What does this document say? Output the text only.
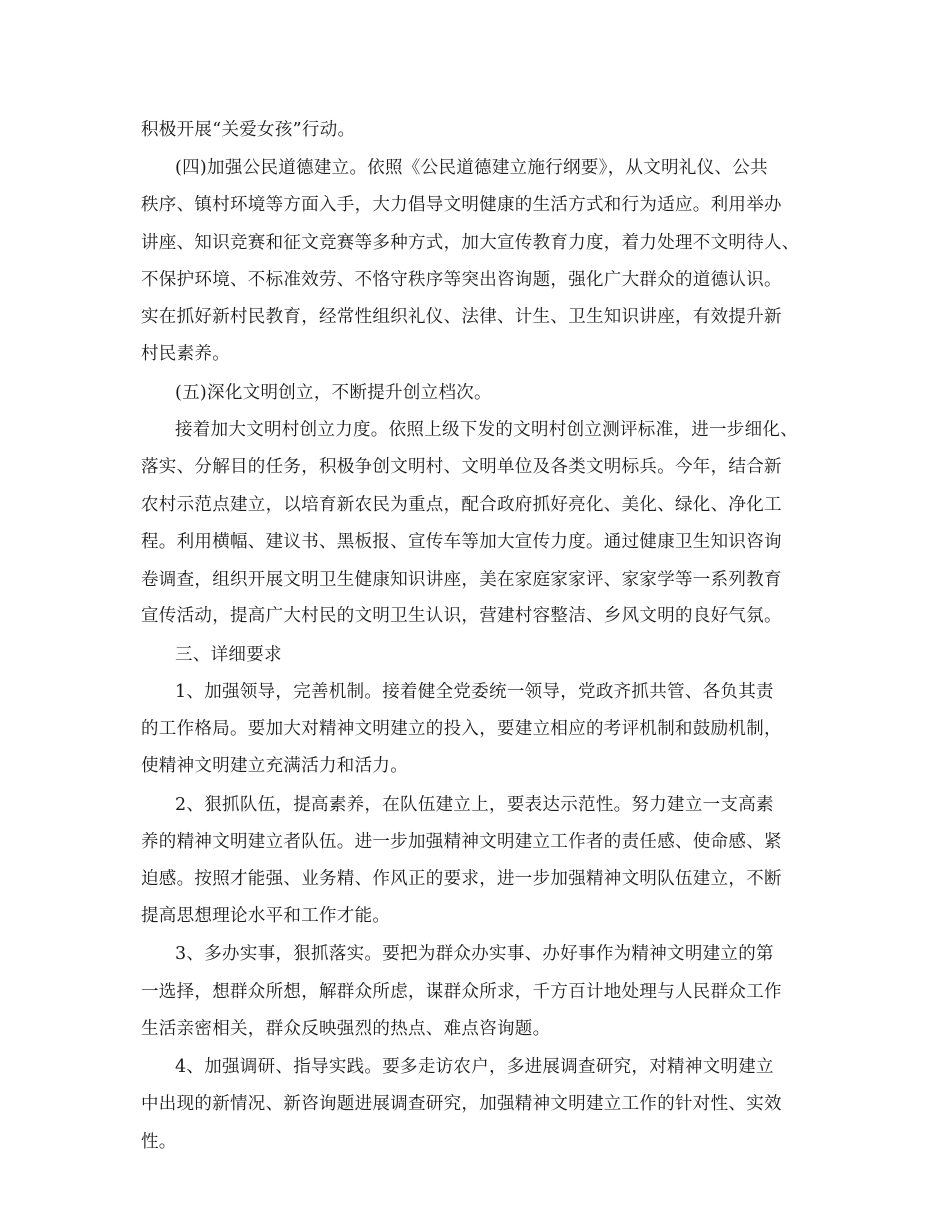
积极开展“关爱女孩”行动。

(四)加强公民道德建立。依照《公民道德建立施行纲要》，从文明礼仪、公共

秩序、镇村环境等方面入手，大力倡导文明健康的生活方式和行为适应。利用举办

讲座、知识竞赛和征文竞赛等多种方式，加大宣传教育力度，着力处理不文明待人、

不保护环境、不标准效劳、不恪守秩序等突出咨询题，强化广大群众的道德认识。

实在抓好新村民教育，经常性组织礼仪、法律、计生、卫生知识讲座，有效提升新

村民素养。

(五)深化文明创立，不断提升创立档次。

接着加大文明村创立力度。依照上级下发的文明村创立测评标准，进一步细化、

落实、分解目的任务，积极争创文明村、文明单位及各类文明标兵。今年，结合新

农村示范点建立，以培育新农民为重点，配合政府抓好亮化、美化、绿化、净化工

程。利用横幅、建议书、黑板报、宣传车等加大宣传力度。通过健康卫生知识咨询

卷调查，组织开展文明卫生健康知识讲座，美在家庭家家评、家家学等一系列教育

宣传活动，提高广大村民的文明卫生认识，营建村容整洁、乡风文明的良好气氛。

三、详细要求

1、加强领导，完善机制。接着健全党委统一领导，党政齐抓共管、各负其责

的工作格局。要加大对精神文明建立的投入，要建立相应的考评机制和鼓励机制，

使精神文明建立充满活力和活力。

2、狠抓队伍，提高素养，在队伍建立上，要表达示范性。努力建立一支高素

养的精神文明建立者队伍。进一步加强精神文明建立工作者的责任感、使命感、紧

迫感。按照才能强、业务精、作风正的要求，进一步加强精神文明队伍建立，不断

提高思想理论水平和工作才能。

3、多办实事，狠抓落实。要把为群众办实事、办好事作为精神文明建立的第

一选择，想群众所想，解群众所虑，谋群众所求，千方百计地处理与人民群众工作

生活亲密相关，群众反映强烈的热点、难点咨询题。

4、加强调研、指导实践。要多走访农户，多进展调查研究，对精神文明建立

中出现的新情况、新咨询题进展调查研究，加强精神文明建立工作的针对性、实效

性。
